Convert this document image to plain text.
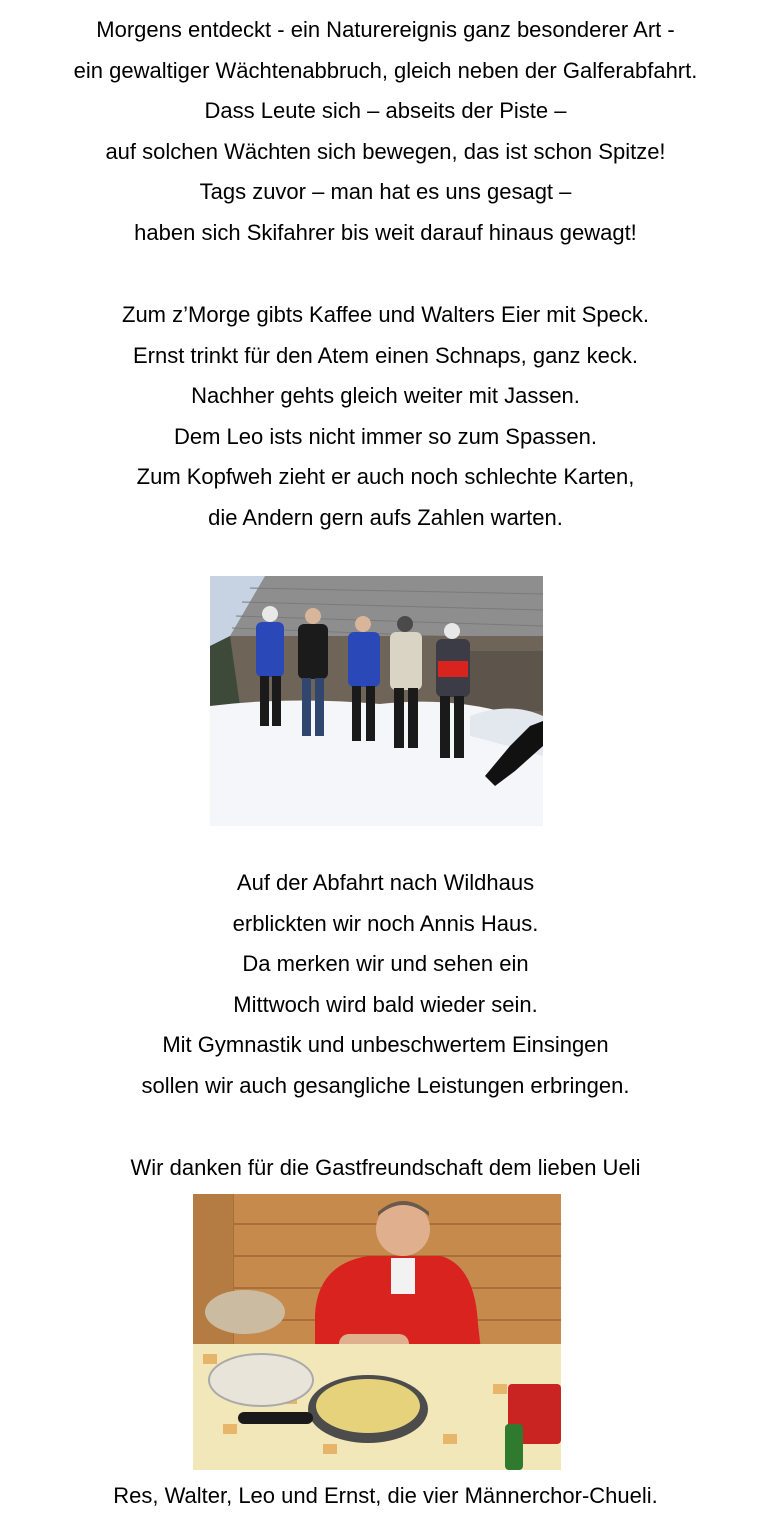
Morgens entdeckt - ein Naturereignis ganz besonderer Art -
ein gewaltiger Wächtenabbruch, gleich neben der Galferabfahrt.
Dass Leute sich – abseits der Piste –
auf solchen Wächten sich bewegen, das ist schon Spitze!
Tags zuvor – man hat es uns gesagt –
haben sich Skifahrer bis weit darauf hinaus gewagt!
Zum z’Morge gibts Kaffee und Walters Eier mit Speck.
Ernst trinkt für den Atem einen Schnaps, ganz keck.
Nachher gehts gleich weiter mit Jassen.
Dem Leo ists nicht immer so zum Spassen.
Zum Kopfweh zieht er auch noch schlechte Karten,
die Andern gern aufs Zahlen warten.
Auf der Abfahrt nach Wildhaus
erblickten wir noch Annis Haus.
Da merken wir und sehen ein
Mittwoch wird bald wieder sein.
Mit Gymnastik und unbeschwertem Einsingen
sollen wir auch gesangliche Leistungen erbringen.
Wir danken für die Gastfreundschaft dem lieben Ueli
Res, Walter, Leo und Ernst, die vier Männerchor-Chueli.
